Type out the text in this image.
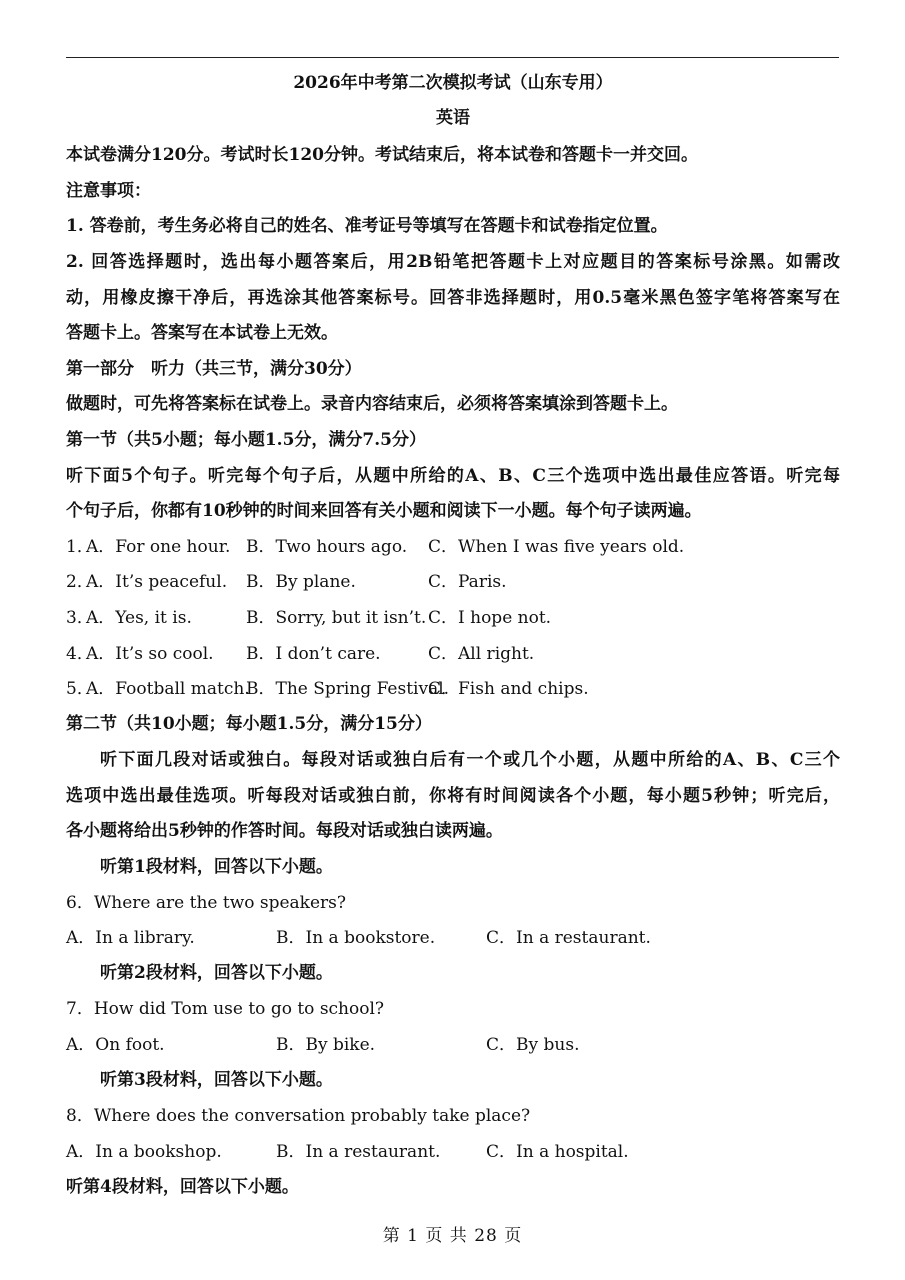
2026年中考第二次模拟考试（山东专用）
英语
本试卷满分120分。考试时长120分钟。考试结束后，将本试卷和答题卡一并交回。
注意事项：
1. 答卷前，考生务必将自己的姓名、准考证号等填写在答题卡和试卷指定位置。
2. 回答选择题时，选出每小题答案后，用2B铅笔把答题卡上对应题目的答案标号涂黑。如需改
动，用橡皮擦干净后，再选涂其他答案标号。回答非选择题时，用0.5毫米黑色签字笔将答案写在
答题卡上。答案写在本试卷上无效。
第一部分　听力（共三节，满分30分）
做题时，可先将答案标在试卷上。录音内容结束后，必须将答案填涂到答题卡上。
第一节（共5小题；每小题1.5分，满分7.5分）
听下面5个句子。听完每个句子后，从题中所给的A、B、C三个选项中选出最佳应答语。听完每
个句子后，你都有10秒钟的时间来回答有关小题和阅读下一小题。每个句子读两遍。
1．
A．For one hour. B．Two hours ago. C．When I was five years old.
2．
A．It’s peaceful. B．By plane.	C．Paris.
3．
A．Yes, it is.	B．Sorry, but it isn’t. C．I hope not.
4．
A．It’s so cool. B．I don’t care.	C．All right.
5．
A．Football match.
B．The Spring Festival.
C．Fish and chips.
第二节（共10小题；每小题1.5分，满分15分）
听下面几段对话或独白。每段对话或独白后有一个或几个小题，从题中所给的A、B、C三个
选项中选出最佳选项。听每段对话或独白前，你将有时间阅读各个小题，每小题5秒钟；听完后，
各小题将给出5秒钟的作答时间。每段对话或独白读两遍。
听第1段材料，回答以下小题。
6．Where are the two speakers?
A．In a library.	B．In a bookstore.	C．In a restaurant.
听第2段材料，回答以下小题。
7．How did Tom use to go to school?
A．On foot.	B．By bike.	C．By bus.
听第3段材料，回答以下小题。
8．Where does the conversation probably take place?
A．In a bookshop.	B．In a restaurant.	C．In a hospital.
听第4段材料，回答以下小题。
第 1 页 共 28 页
